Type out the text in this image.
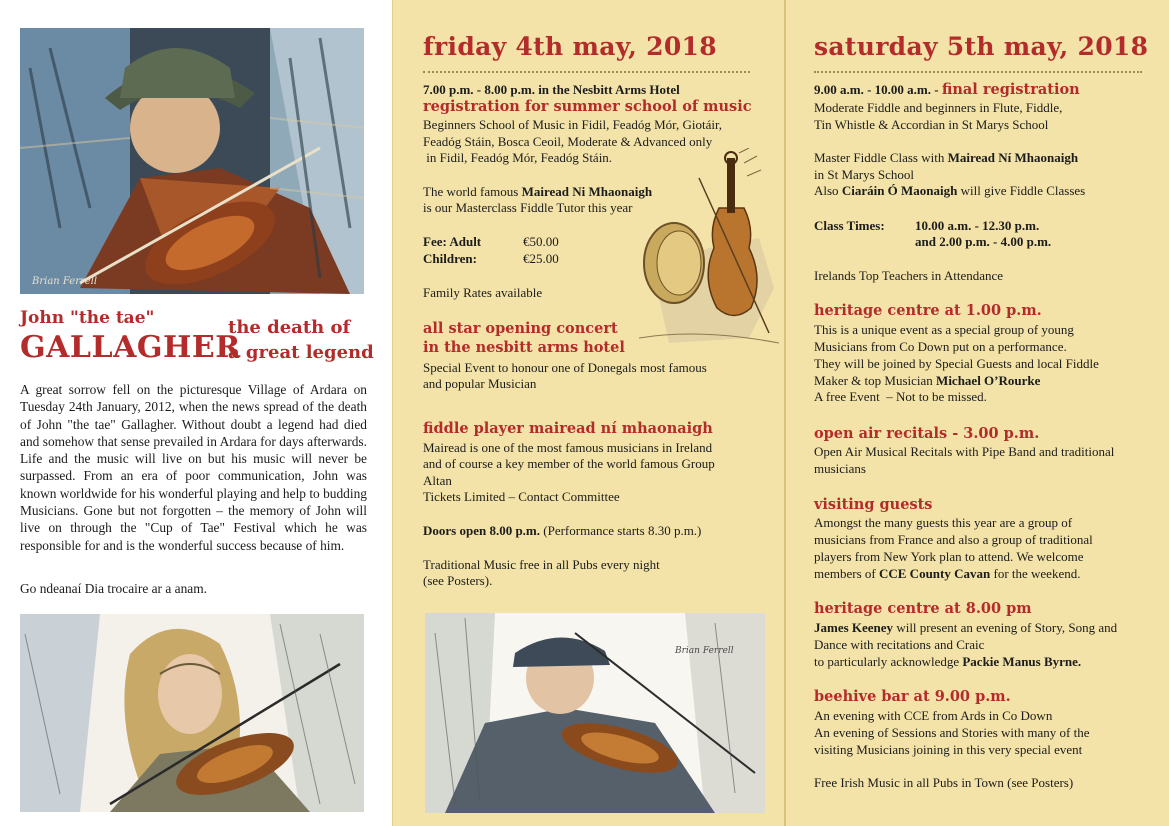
Brian Ferrell
John "the tae"
GALLAGHER
the death of
a great legend

A great sorrow fell on the picturesque Village of Ardara on Tuesday 24th January, 2012, when the news spread of the death of John "the tae" Gallagher. Without doubt a legend had died and somehow that sense prevailed in Ardara for days afterwards. Life and the music will live on but his music will never be surpassed. From an era of poor communication, John was known worldwide for his wonderful playing and help to budding Musicians. Gone but not forgotten – the memory of John will live on through the "Cup of Tae" Festival which he was responsible for and is the wonderful success because of him.

Go ndeanaí Dia trocaire ar a anam.

friday 4th may, 2018
7.00 p.m. - 8.00 p.m. in the Nesbitt Arms Hotel
registration for summer school of music
Beginners School of Music in Fidil, Feadóg Mór, Giotáir,
Feadóg Stáin, Bosca Ceoil, Moderate & Advanced only
in Fidil, Feadóg Mór, Feadóg Stáin.
The world famous Mairead Ni Mhaonaigh
is our Masterclass Fiddle Tutor this year
Fee: Adult	€50.00
Children:	€25.00
Family Rates available
all star opening concert
in the nesbitt arms hotel
Special Event to honour one of Donegals most famous
and popular Musician
fiddle player mairead ní mhaonaigh
Mairead is one of the most famous musicians in Ireland
and of course a key member of the world famous Group
Altan
Tickets Limited – Contact Committee
Doors open 8.00 p.m. (Performance starts 8.30 p.m.)
Traditional Music free in all Pubs every night
(see Posters).
Brian Ferrell
saturday 5th may, 2018
9.00 a.m. - 10.00 a.m. - final registration
Moderate Fiddle and beginners in Flute, Fiddle,
Tin Whistle & Accordian in St Marys School
Master Fiddle Class with Mairead Ní Mhaonaigh
in St Marys School
Also Ciaráin Ó Maonaigh will give Fiddle Classes
Class Times: 10.00 a.m. - 12.30 p.m.
and 2.00 p.m. - 4.00 p.m.
Irelands Top Teachers in Attendance
heritage centre at 1.00 p.m.
This is a unique event as a special group of young
Musicians from Co Down put on a performance.
They will be joined by Special Guests and local Fiddle
Maker & top Musician Michael O’Rourke
A free Event  – Not to be missed.
open air recitals - 3.00 p.m.
Open Air Musical Recitals with Pipe Band and traditional
musicians
visiting guests
Amongst the many guests this year are a group of
musicians from France and also a group of traditional
players from New York plan to attend. We welcome
members of CCE County Cavan for the weekend.
heritage centre at 8.00 pm
James Keeney will present an evening of Story, Song and
Dance with recitations and Craic
to particularly acknowledge Packie Manus Byrne.
beehive bar at 9.00 p.m.
An evening with CCE from Ards in Co Down
An evening of Sessions and Stories with many of the
visiting Musicians joining in this very special event
Free Irish Music in all Pubs in Town (see Posters)
